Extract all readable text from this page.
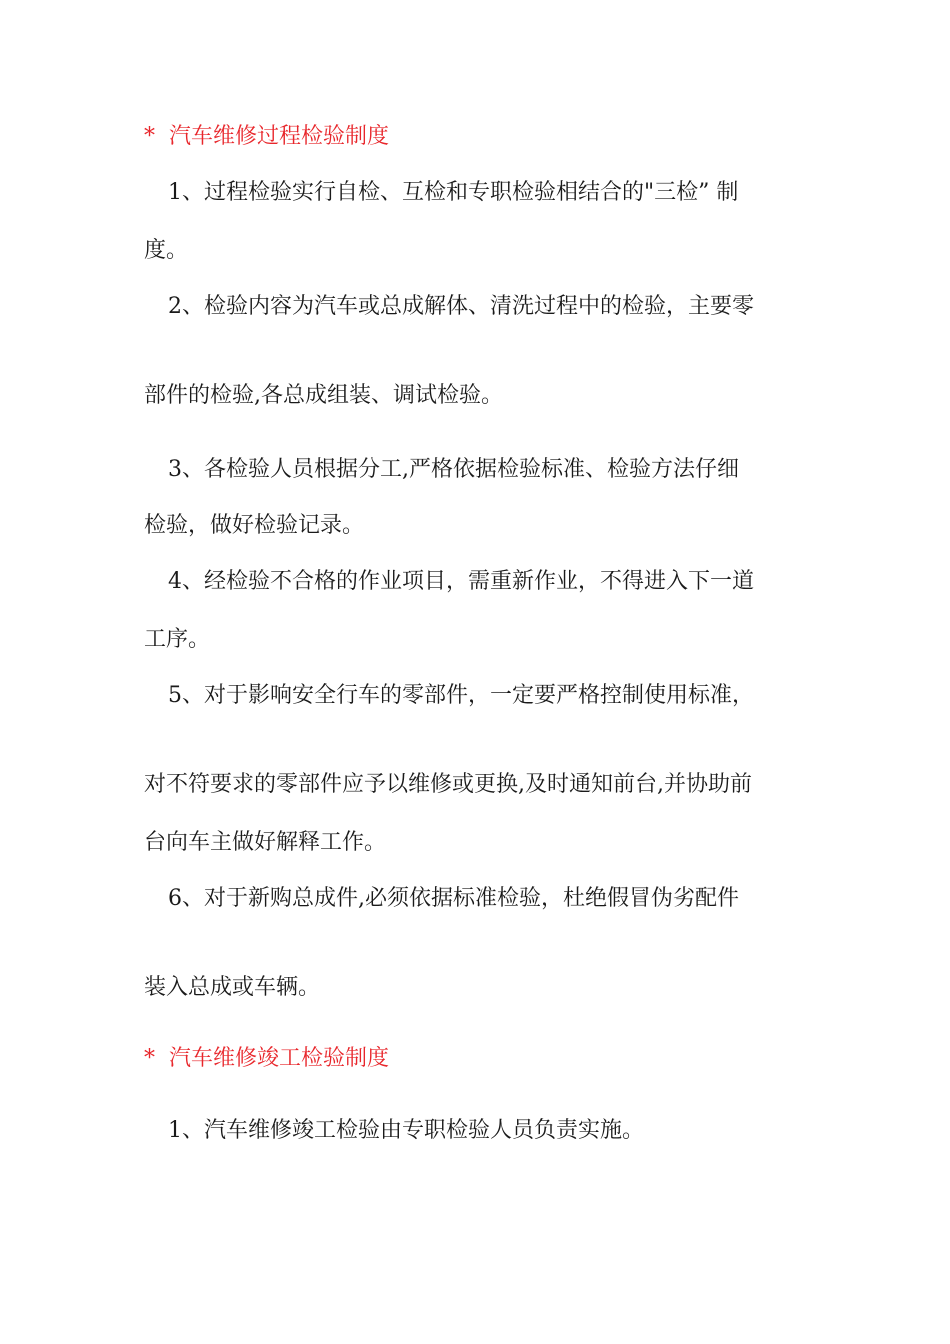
* 汽车维修过程检验制度
1、过程检验实行自检、互检和专职检验相结合的"三检” 制
度。
2、检验内容为汽车或总成解体、清洗过程中的检验，主要零
部件的检验,各总成组装、调试检验。
3、各检验人员根据分工,严格依据检验标准、检验方法仔细
检验，做好检验记录。
4、经检验不合格的作业项目，需重新作业，不得进入下一道
工序。
5、对于影响安全行车的零部件，一定要严格控制使用标准，
对不符要求的零部件应予以维修或更换,及时通知前台,并协助前
台向车主做好解释工作。
6、对于新购总成件,必须依据标准检验，杜绝假冒伪劣配件
装入总成或车辆。
* 汽车维修竣工检验制度
1、汽车维修竣工检验由专职检验人员负责实施。
